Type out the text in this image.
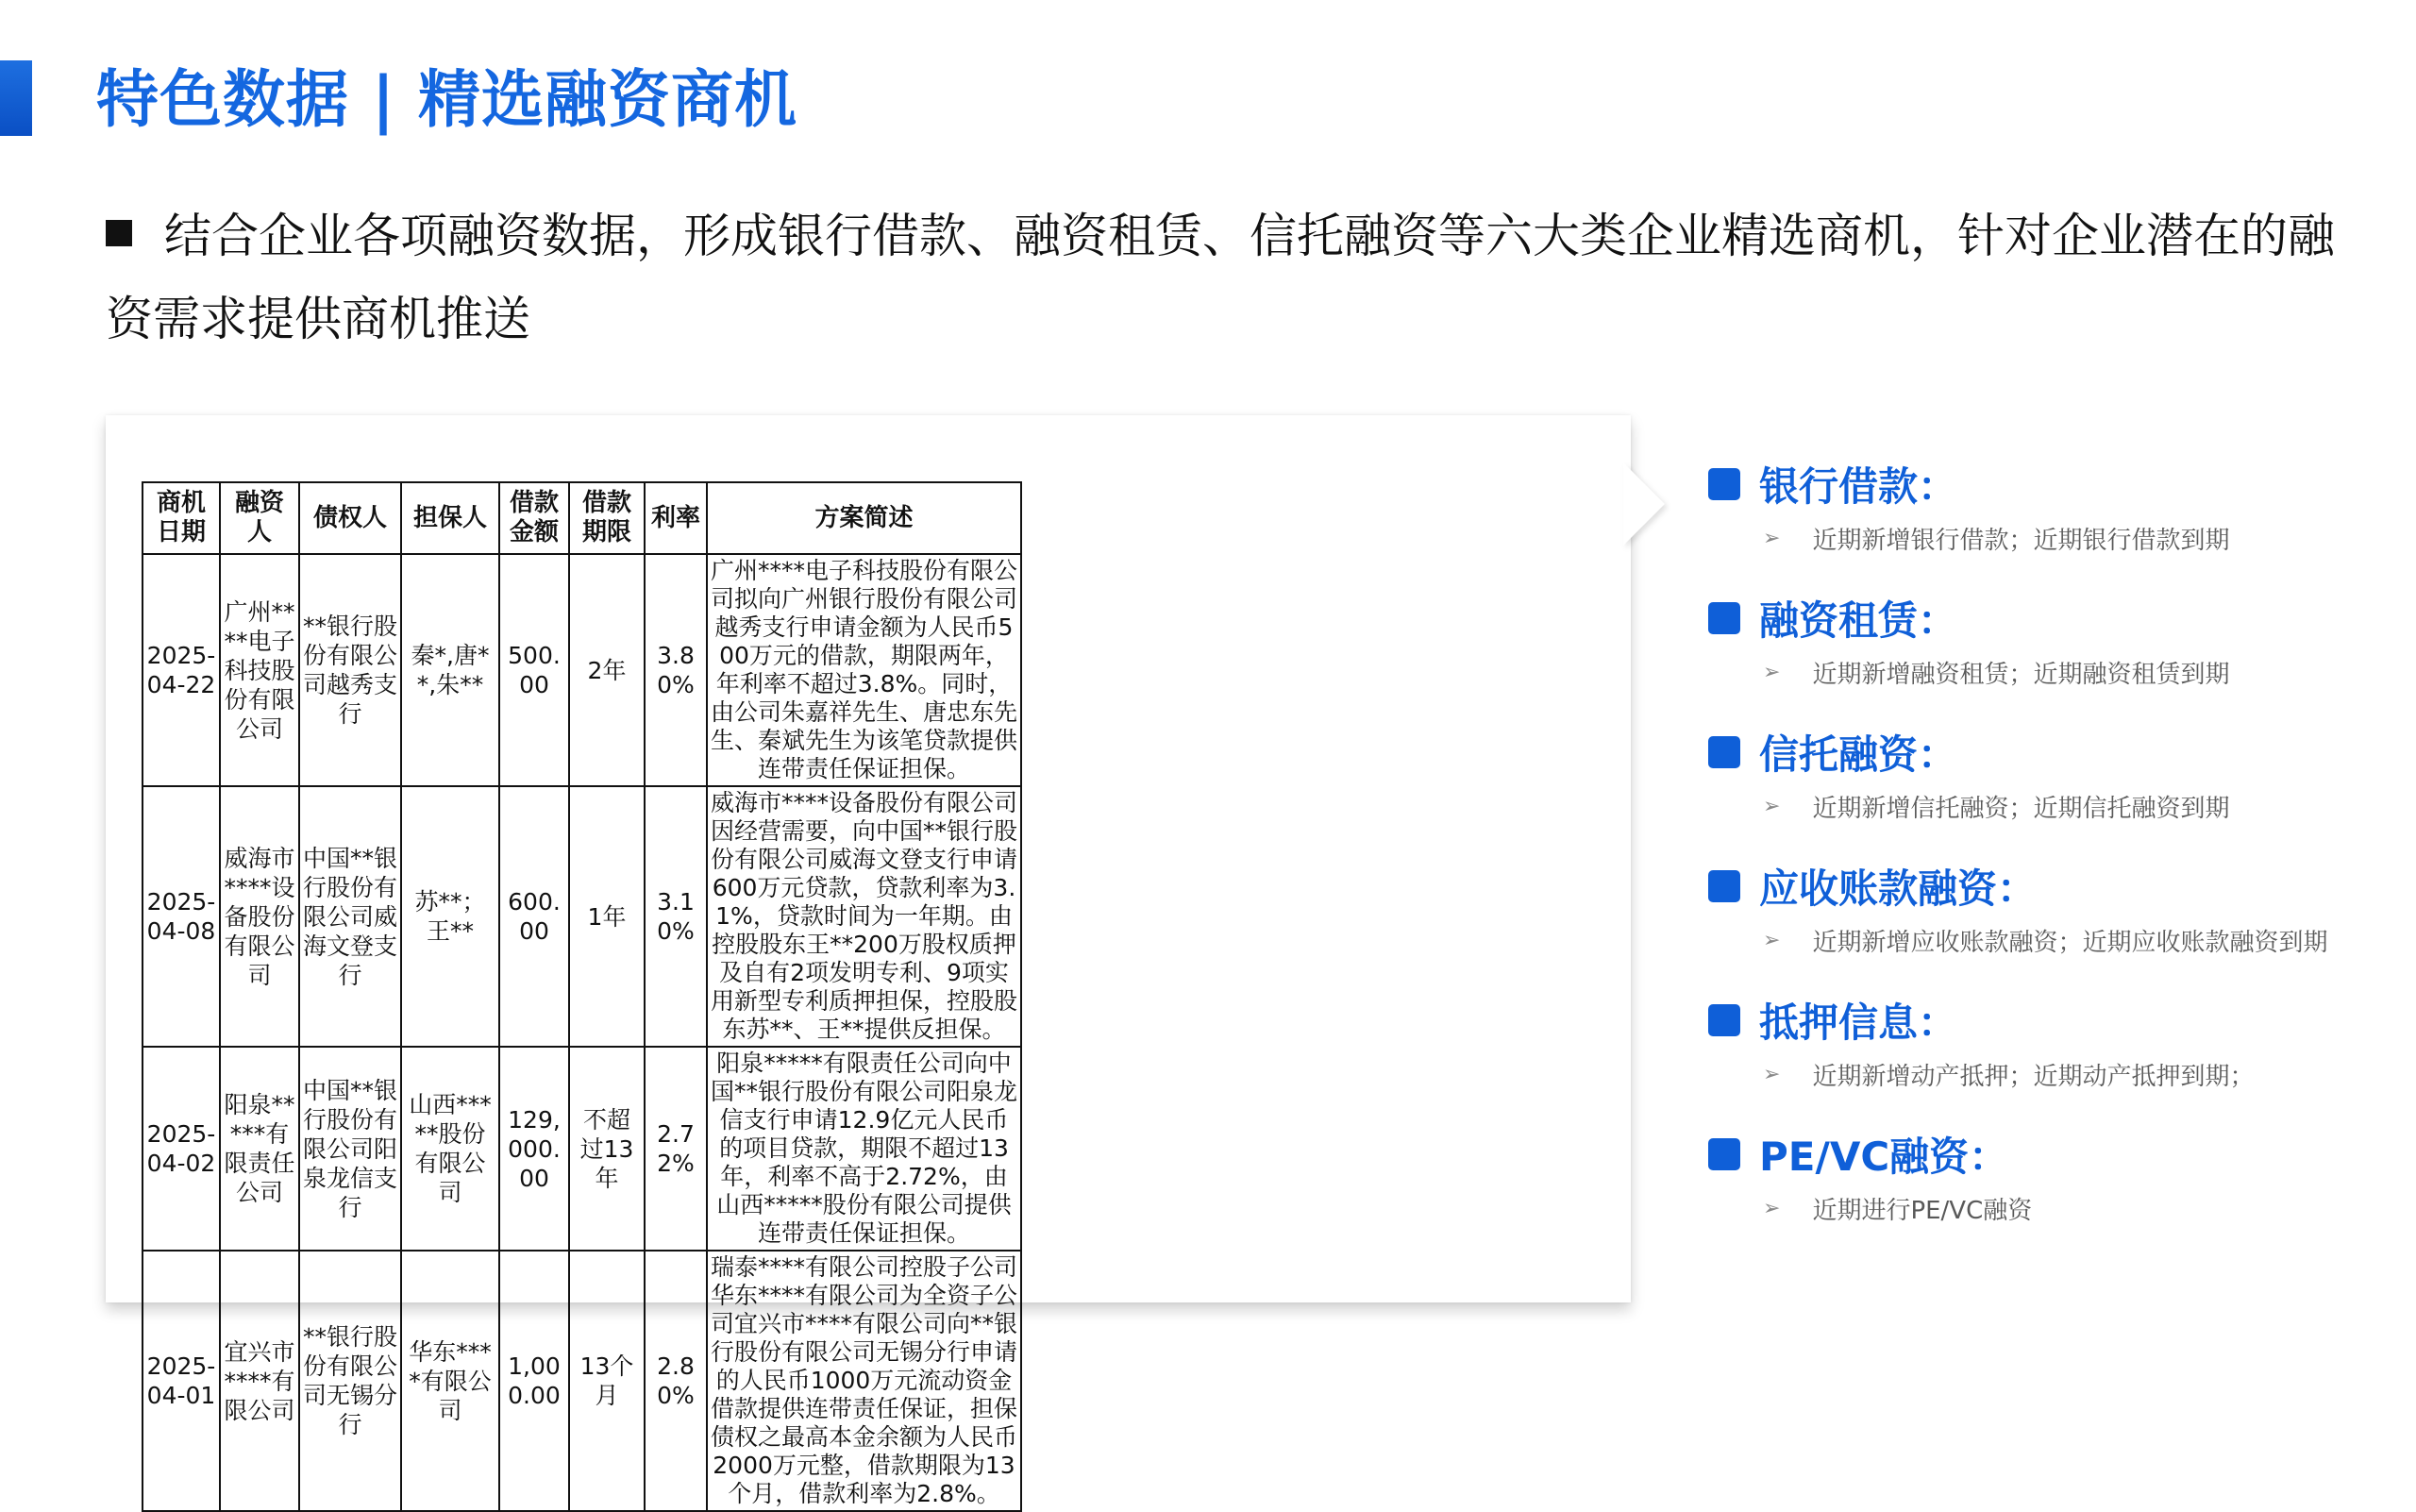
特色数据 | 精选融资商机
结合企业各项融资数据，形成银行借款、融资租赁、信托融资等六大类企业精选商机，针对企业潜在的融资需求提供商机推送
商机日期	融资人	债权人	担保人	借款金额	借款期限	利率	方案简述
2025-04-22	广州****电子科技股份有限公司	**银行股份有限公司越秀支行	秦*,唐**,朱**	500.00	2年	3.80%	广州****电子科技股份有限公司拟向广州银行股份有限公司越秀支行申请金额为人民币500万元的借款，期限两年，年利率不超过3.8%。同时，由公司朱嘉祥先生、唐忠东先生、秦斌先生为该笔贷款提供连带责任保证担保。
2025-04-08	威海市****设备股份有限公司	中国**银行股份有限公司威海文登支行	苏**；王**	600.00	1年	3.10%	威海市****设备股份有限公司因经营需要，向中国**银行股份有限公司威海文登支行申请600万元贷款，贷款利率为3.1%，贷款时间为一年期。由控股股东王**200万股权质押及自有2项发明专利、9项实用新型专利质押担保，控股股东苏**、王**提供反担保。
2025-04-02	阳泉*****有限责任公司	中国**银行股份有限公司阳泉龙信支行	山西*****股份有限公司	129,000.00	不超过13年	2.72%	阳泉*****有限责任公司向中国**银行股份有限公司阳泉龙信支行申请12.9亿元人民币的项目贷款，期限不超过13年，利率不高于2.72%，由山西*****股份有限公司提供连带责任保证担保。
2025-04-01	宜兴市****有限公司	**银行股份有限公司无锡分行	华东****有限公司	1,000.00	13个月	2.80%	瑞泰****有限公司控股子公司华东****有限公司为全资子公司宜兴市****有限公司向**银行股份有限公司无锡分行申请的人民币1000万元流动资金借款提供连带责任保证，担保债权之最高本金余额为人民币2000万元整，借款期限为13个月，借款利率为2.8%。
银行借款：
➢ 近期新增银行借款；近期银行借款到期
融资租赁：
➢ 近期新增融资租赁；近期融资租赁到期
信托融资：
➢ 近期新增信托融资；近期信托融资到期
应收账款融资：
➢ 近期新增应收账款融资；近期应收账款融资到期
抵押信息：
➢ 近期新增动产抵押；近期动产抵押到期；
PE/VC融资：
➢ 近期进行PE/VC融资
